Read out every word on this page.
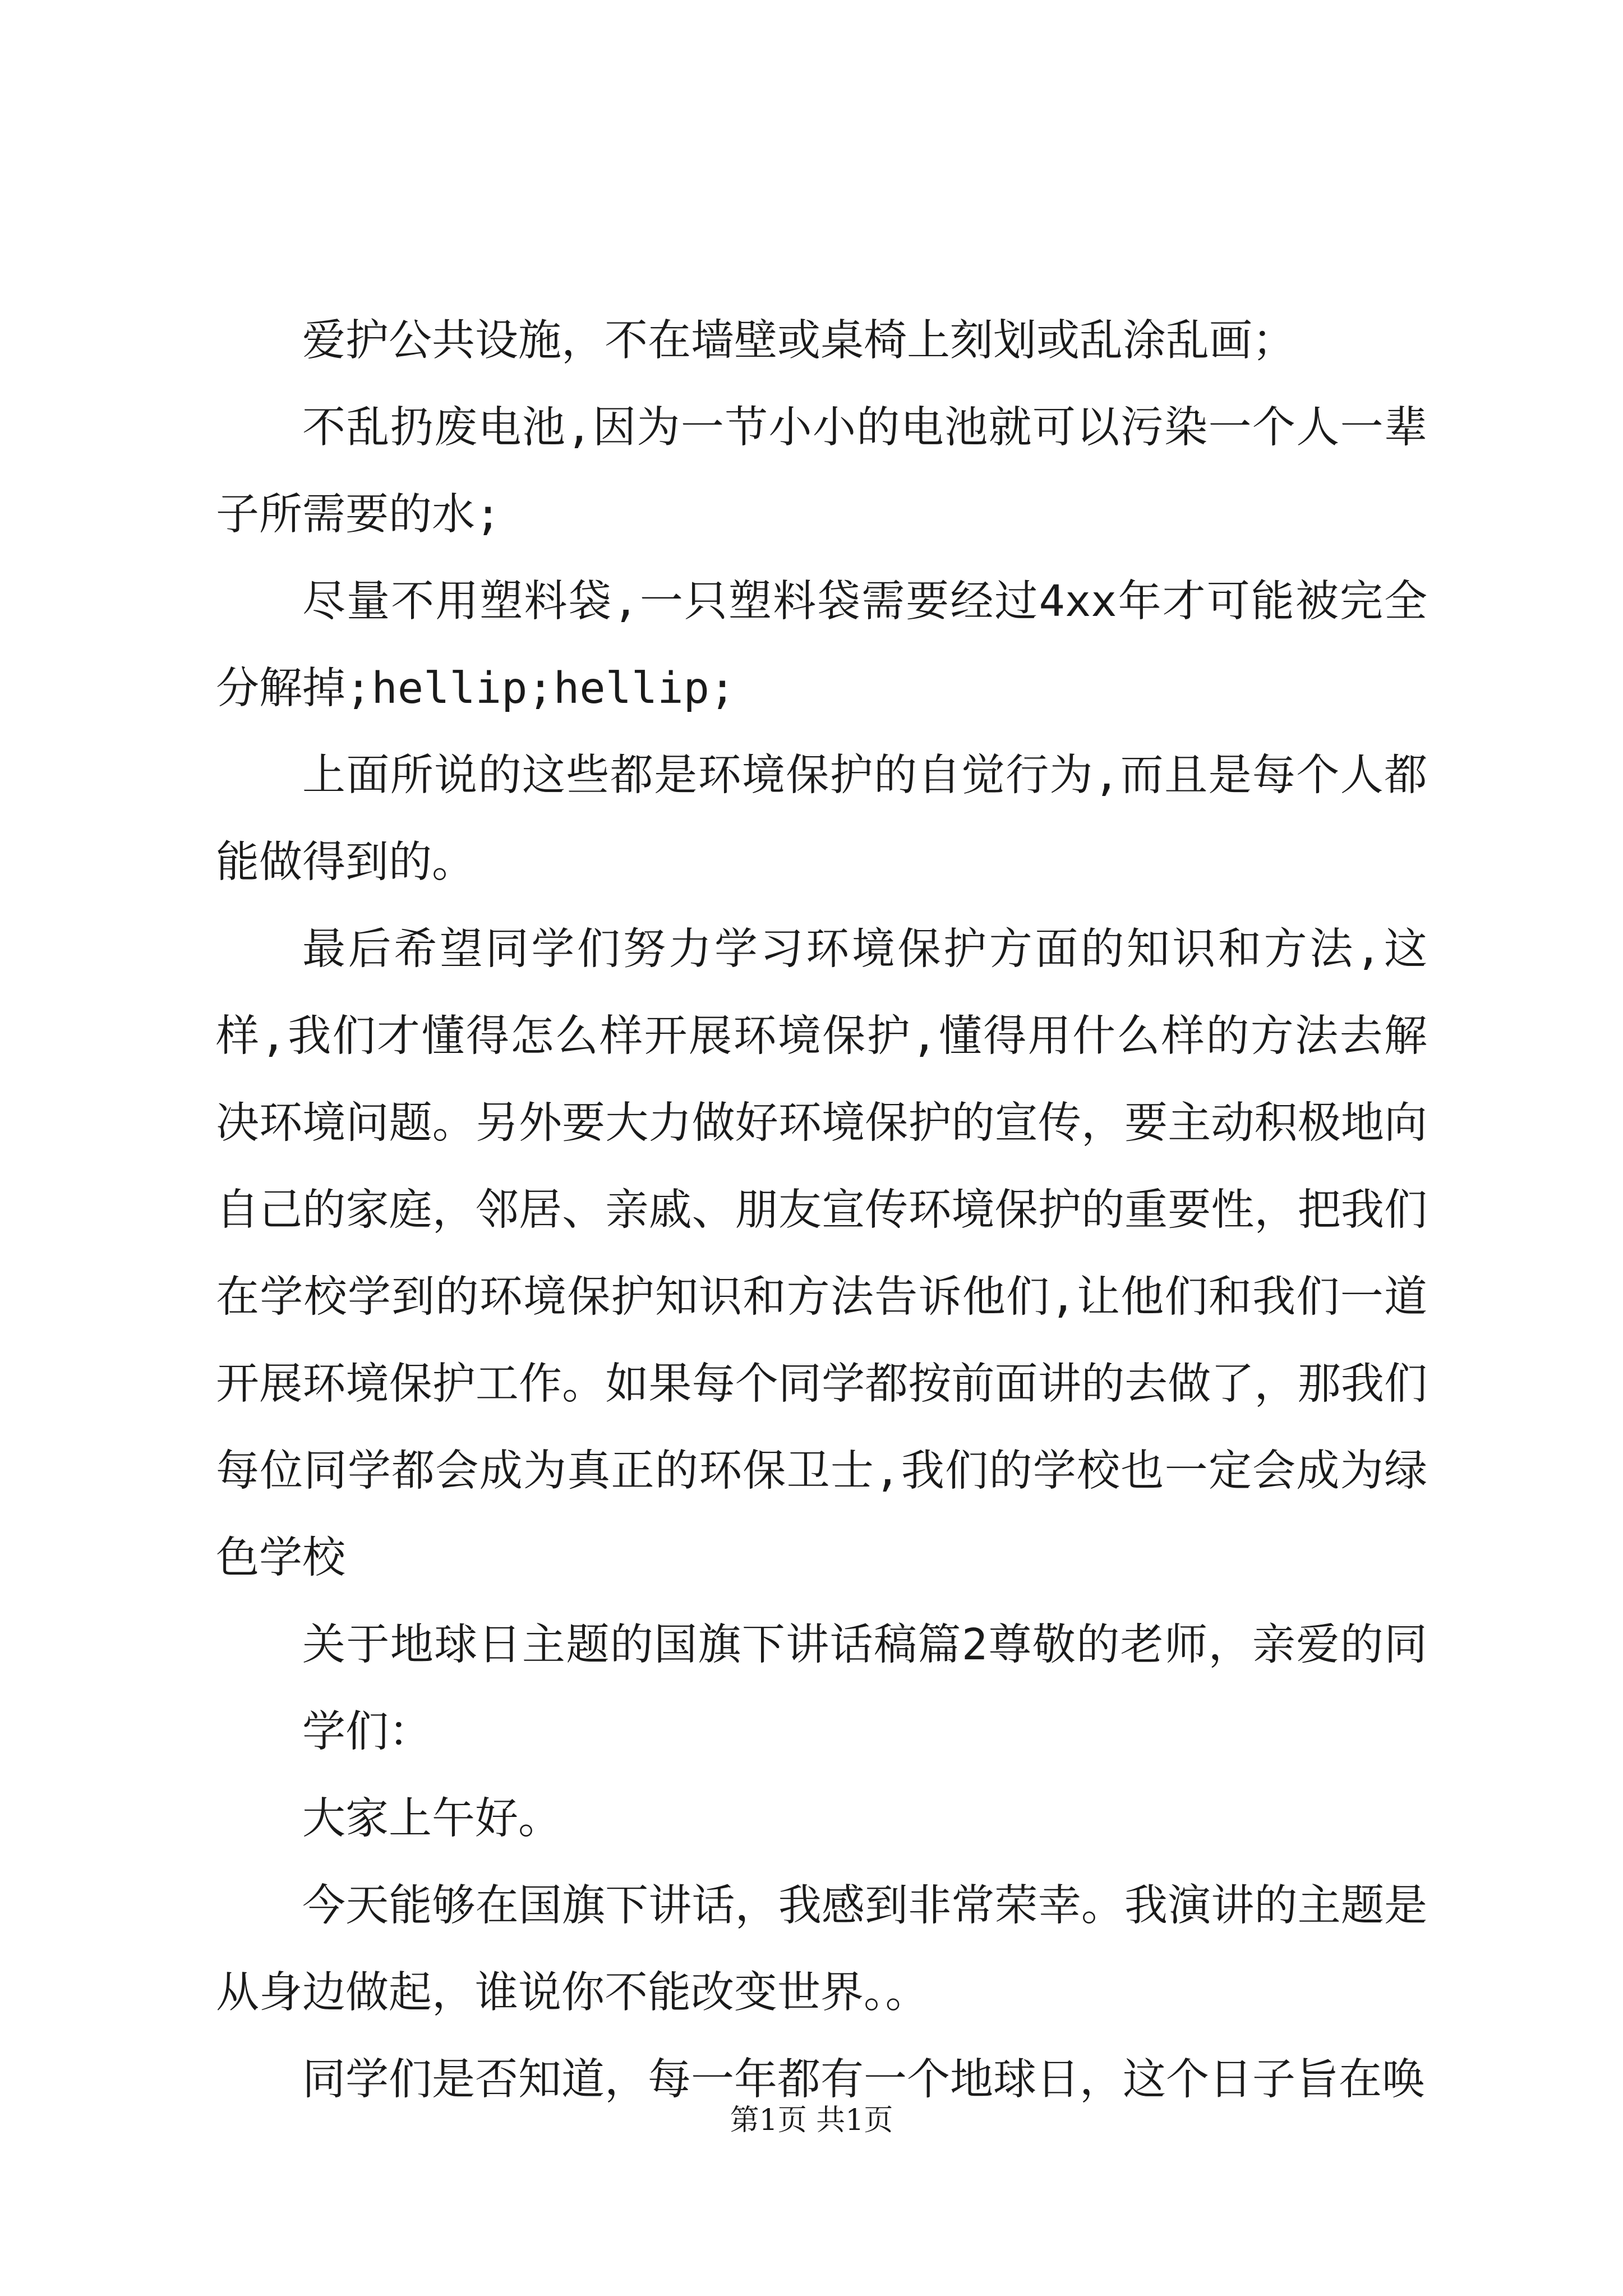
爱护公共设施，不在墙壁或桌椅上刻划或乱涂乱画；

不乱扔废电池,因为一节小小的电池就可以污染一个人一辈子所需要的水;

尽量不用塑料袋,一只塑料袋需要经过4xx年才可能被完全分解掉;hellip;hellip;

上面所说的这些都是环境保护的自觉行为,而且是每个人都能做得到的。

最后希望同学们努力学习环境保护方面的知识和方法,这样,我们才懂得怎么样开展环境保护,懂得用什么样的方法去解决环境问题。另外要大力做好环境保护的宣传，要主动积极地向自己的家庭，邻居、亲戚、朋友宣传环境保护的重要性，把我们在学校学到的环境保护知识和方法告诉他们,让他们和我们一道开展环境保护工作。如果每个同学都按前面讲的去做了，那我们每位同学都会成为真正的环保卫士,我们的学校也一定会成为绿色学校

关于地球日主题的国旗下讲话稿篇2尊敬的老师，亲爱的同学们：

大家上午好。

今天能够在国旗下讲话，我感到非常荣幸。我演讲的主题是从身边做起，谁说你不能改变世界。。

同学们是否知道，每一年都有一个地球日，这个日子旨在唤

第1页 共1页
